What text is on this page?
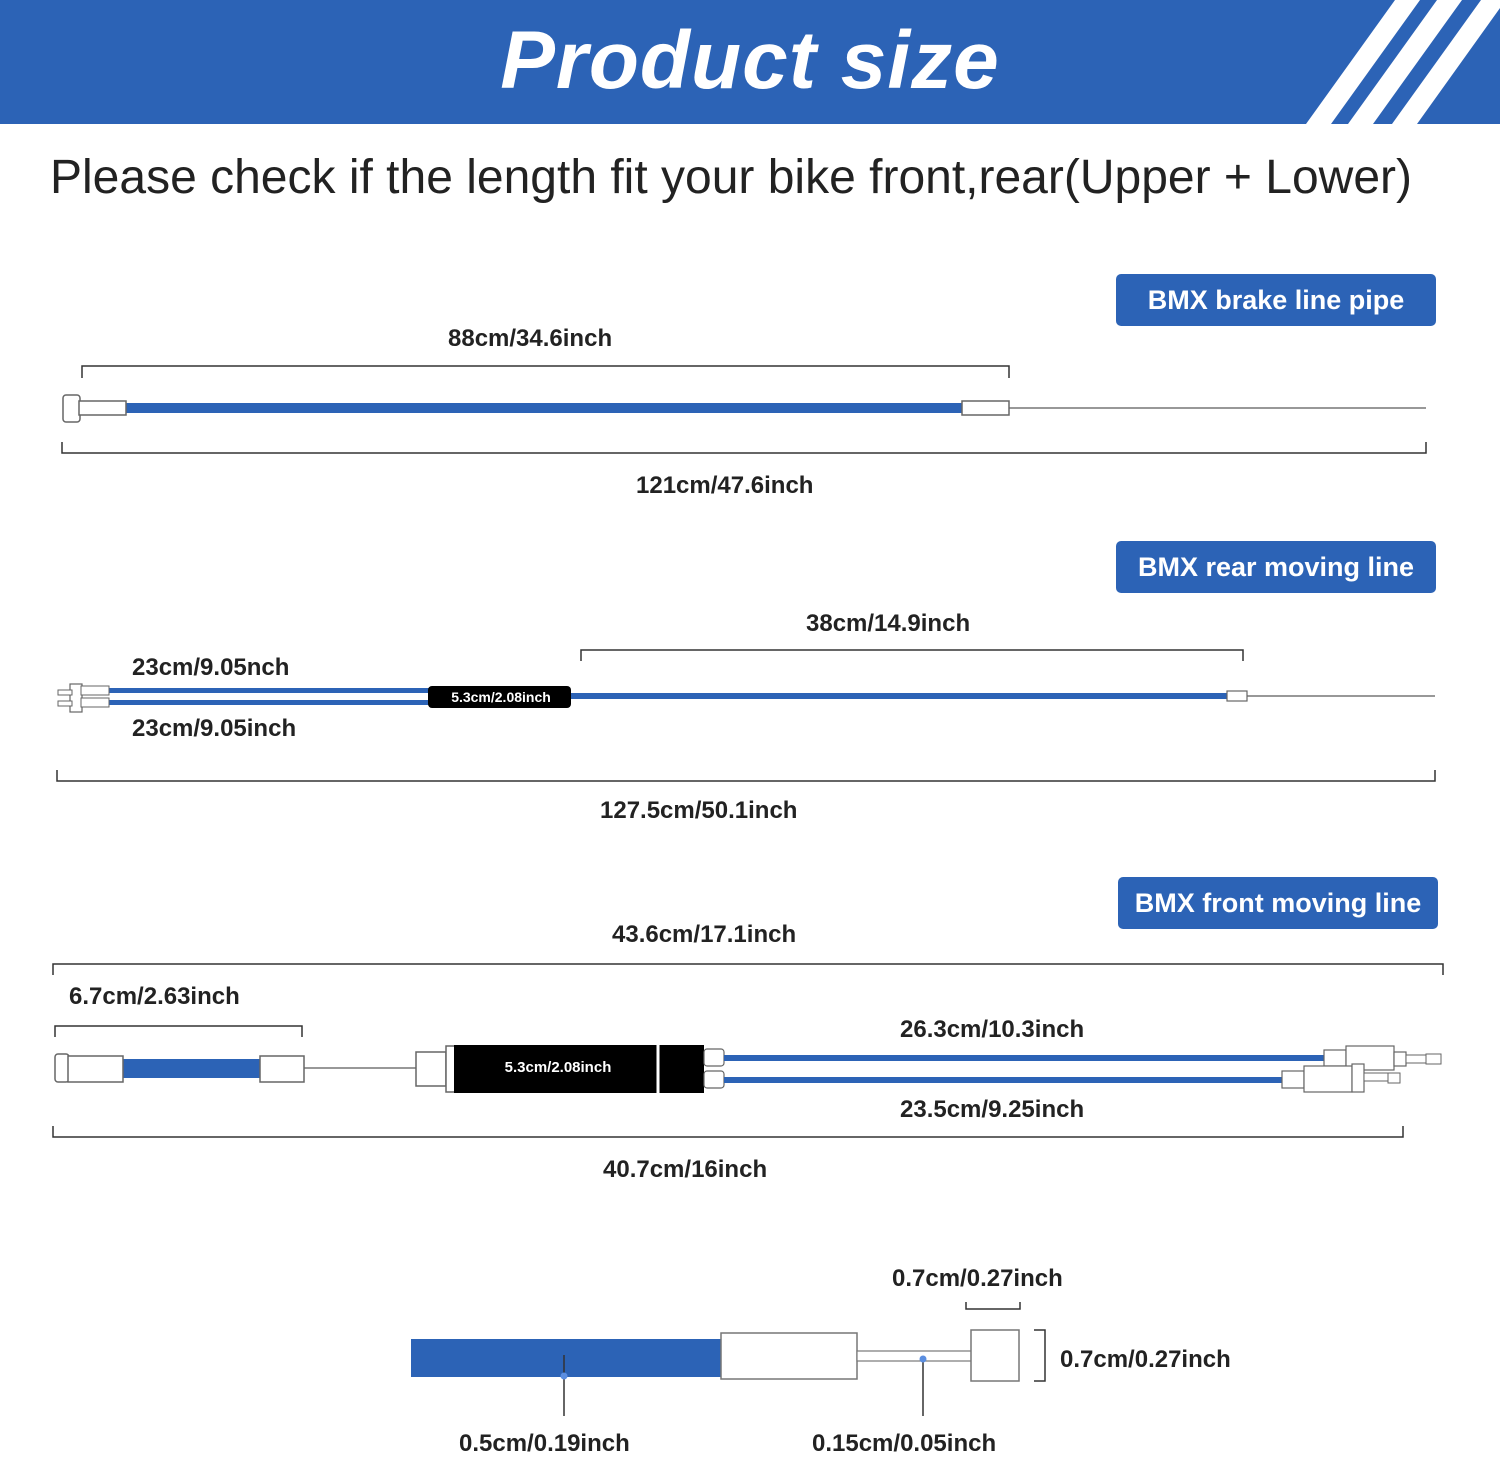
Product size
Please check if the length fit your bike front,rear(Upper + Lower)
BMX brake line pipe
88cm/34.6inch
121cm/47.6inch
BMX rear moving line
38cm/14.9inch
23cm/9.05nch
23cm/9.05inch
5.3cm/2.08inch
127.5cm/50.1inch
BMX front moving line
43.6cm/17.1inch
6.7cm/2.63inch
26.3cm/10.3inch
5.3cm/2.08inch
23.5cm/9.25inch
40.7cm/16inch
0.7cm/0.27inch
0.7cm/0.27inch
0.5cm/0.19inch	0.15cm/0.05inch
